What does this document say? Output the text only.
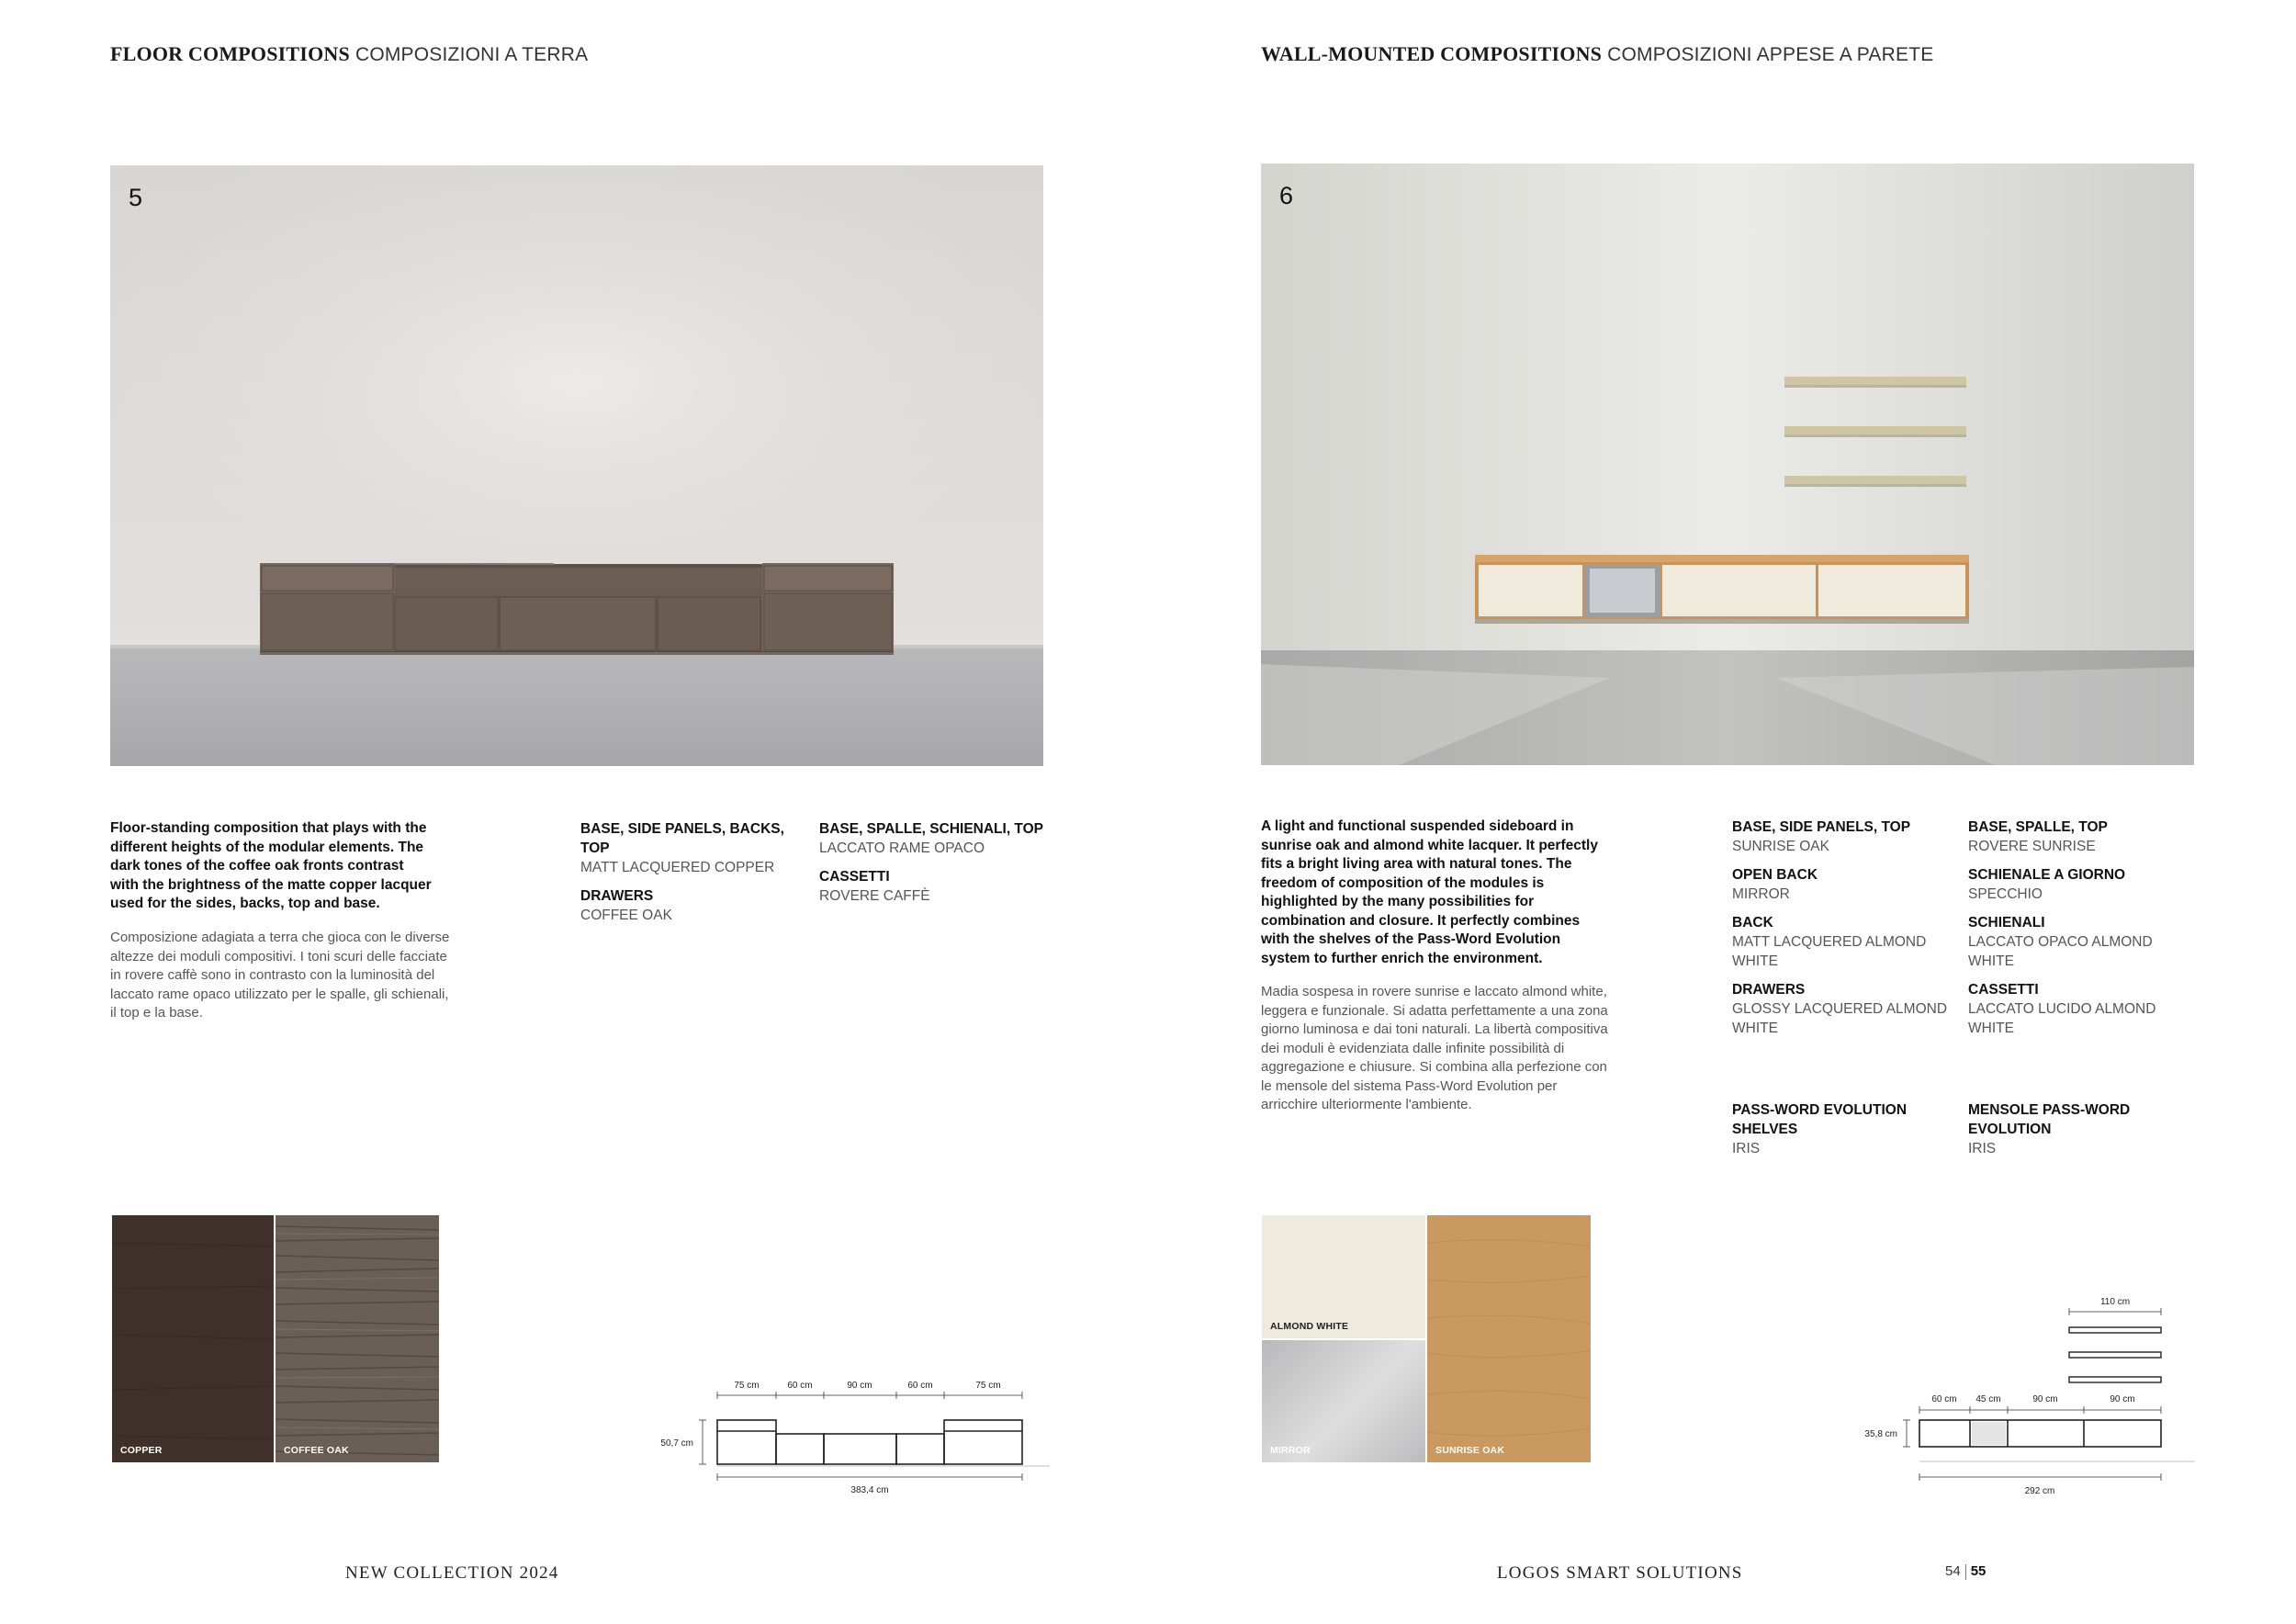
FLOOR COMPOSITIONS COMPOSIZIONI A TERRA
5
Floor-standing composition that plays with the different heights of the modular elements. The dark tones of the coffee oak fronts contrast with the brightness of the matte copper lacquer used for the sides, backs, top and base.
Composizione adagiata a terra che gioca con le diverse altezze dei moduli compositivi. I toni scuri delle facciate in rovere caffè sono in contrasto con la luminosità del laccato rame opaco utilizzato per le spalle, gli schienali, il top e la base.
BASE, SIDE PANELS, BACKS, TOP
MATT LACQUERED COPPER
DRAWERS
COFFEE OAK
BASE, SPALLE, SCHIENALI, TOP
LACCATO RAME OPACO
CASSETTI
ROVERE CAFFÈ
COPPER	COFFEE OAK
75 cm	60 cm	90 cm	60 cm	75 cm
50,7 cm
383,4 cm
NEW COLLECTION 2024
WALL-MOUNTED COMPOSITIONS COMPOSIZIONI APPESE A PARETE
6
A light and functional suspended sideboard in sunrise oak and almond white lacquer. It perfectly fits a bright living area with natural tones. The freedom of composition of the modules is highlighted by the many possibilities for combination and closure. It perfectly combines with the shelves of the Pass-Word Evolution system to further enrich the environment.
Madia sospesa in rovere sunrise e laccato almond white, leggera e funzionale. Si adatta perfettamente a una zona giorno luminosa e dai toni naturali. La libertà compositiva dei moduli è evidenziata dalle infinite possibilità di aggregazione e chiusure. Si combina alla perfezione con le mensole del sistema Pass-Word Evolution per arricchire ulteriormente l'ambiente.
BASE, SIDE PANELS, TOP
SUNRISE OAK
OPEN BACK
MIRROR
BACK
MATT LACQUERED ALMOND WHITE
DRAWERS
GLOSSY LACQUERED ALMOND WHITE
BASE, SPALLE, TOP
ROVERE SUNRISE
SCHIENALE A GIORNO
SPECCHIO
SCHIENALI
LACCATO OPACO ALMOND WHITE
CASSETTI
LACCATO LUCIDO ALMOND WHITE
PASS-WORD EVOLUTION SHELVES
IRIS
MENSOLE PASS-WORD EVOLUTION
IRIS
ALMOND WHITE
SUNRISE OAK
MIRROR
110 cm
60 cm 45 cm	90 cm	90 cm
35,8 cm
292 cm
LOGOS SMART SOLUTIONS	54 55
